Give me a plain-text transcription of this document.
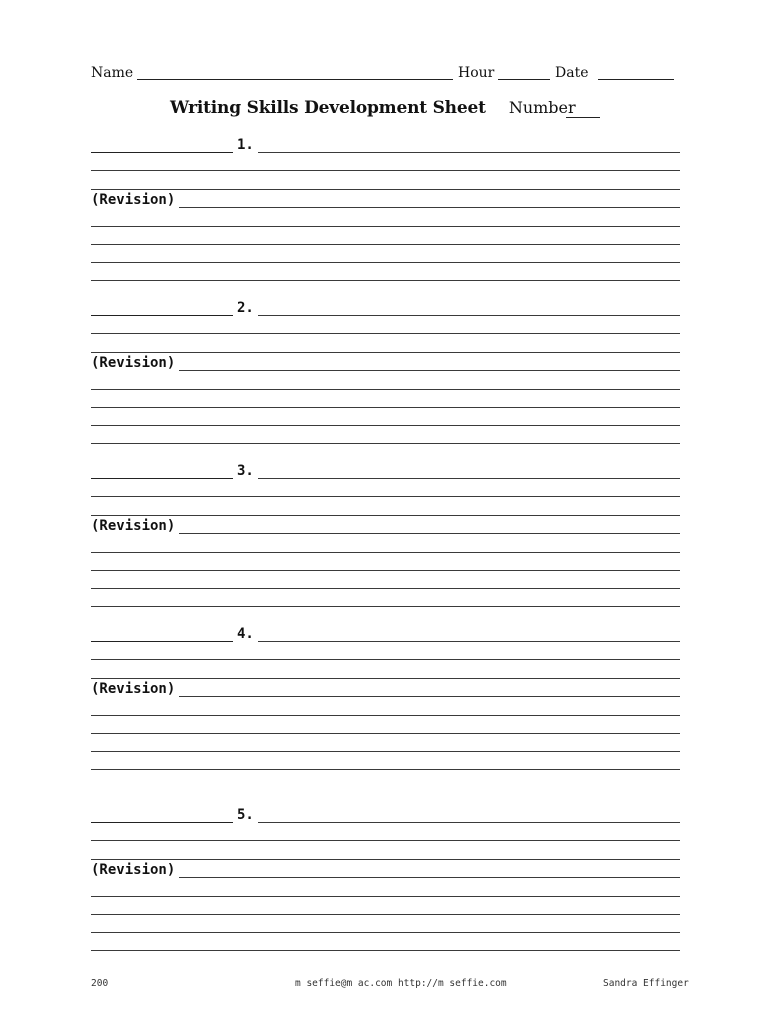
Name	Hour	Date
Writing Skills Development Sheet Number
1.
(Revision)
2.
(Revision)
3.
(Revision)
4.
(Revision)
5.
(Revision)
200	m seffie@m ac.com http://m seffie.com	Sandra Effinger
